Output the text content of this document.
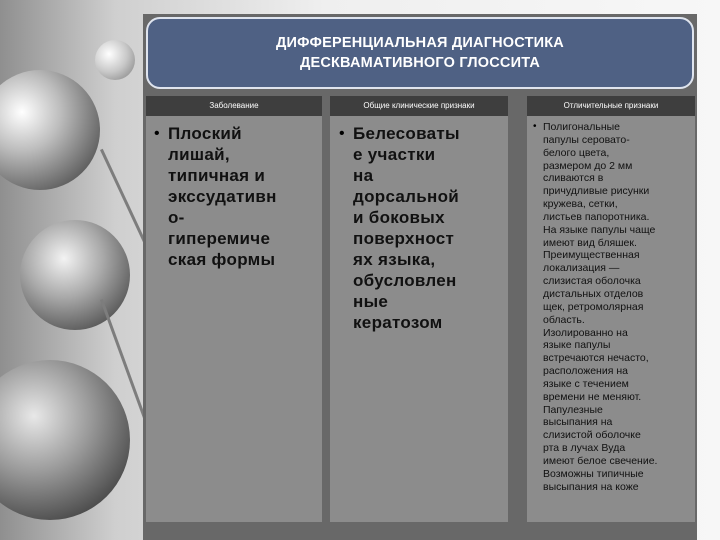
ДИФФЕРЕНЦИАЛЬНАЯ ДИАГНОСТИКА
ДЕСКВАМАТИВНОГО ГЛОССИТА
Заболевание
• Плоский
лишай,
типичная и
экссудативн
о-
гиперемиче
ская формы
Общие клинические признаки
• Белесоваты
е участки
на
дорсальной
и боковых
поверхност
ях языка,
обусловлен
ные
кератозом
Отличительные признаки
• Полигональные
папулы серовато-
белого цвета,
размером до 2 мм
сливаются в
причудливые рисунки
кружева, сетки,
листьев папоротника.
На языке папулы чаще
имеют вид бляшек.
Преимущественная
локализация —
слизистая оболочка
дистальных отделов
щек, ретромолярная
область.
Изолированно на
языке папулы
встречаются нечасто,
расположения на
языке с течением
времени не меняют.
Папулезные
высыпания на
слизистой оболочке
рта в лучах Вуда
имеют белое свечение.
Возможны типичные
высыпания на коже
